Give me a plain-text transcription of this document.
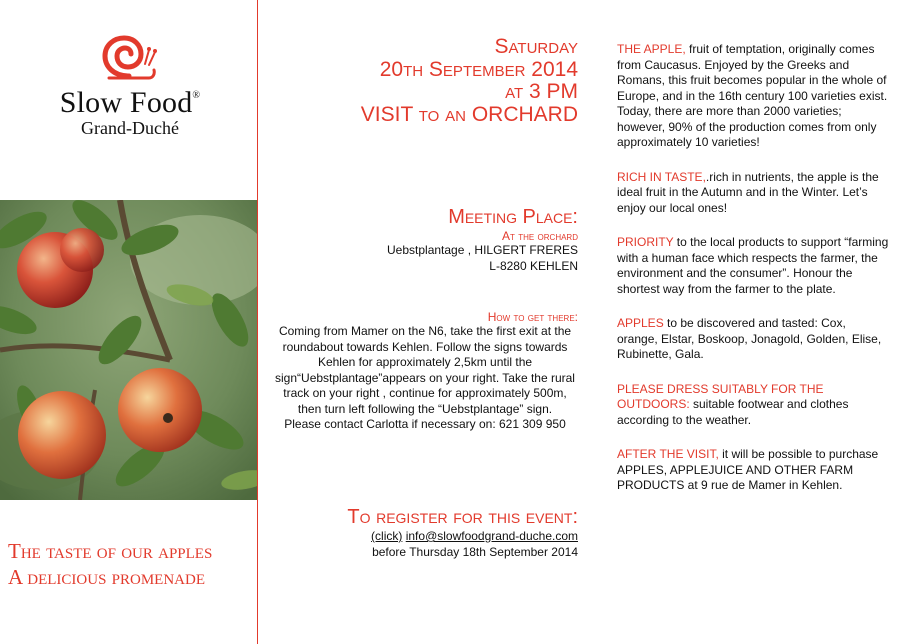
Slow Food®
Grand-Duché
The taste of our apples
A delicious promenade
Saturday
20th September 2014
at 3 PM
VISIT to an ORCHARD
Meeting Place:
At the orchard
Uebstplantage , HILGERT FRERES
L-8280 KEHLEN
How to get there:
Coming from Mamer on the N6, take the first exit at the roundabout towards Kehlen. Follow the signs towards Kehlen for approximately 2,5km until the sign“Uebstplantage”appears on your right. Take the rural track on your right , continue for approximately 500m, then turn left following the “Uebstplantage” sign.
Please contact Carlotta if necessary on: 621 309 950
To register for this event:
(click) info@slowfoodgrand-duche.com
before Thursday 18th September 2014

THE APPLE, fruit of temptation, originally comes from Caucasus. Enjoyed by the Greeks and Romans, this fruit becomes popular in the whole of Europe, and in the 16th century 100 varieties exist. Today, there are more than 2000 varieties; however, 90% of the production comes from only approximately 10 varieties!

RICH IN TASTE,.rich in nutrients, the apple is the ideal fruit in the Autumn and in the Winter. Let’s enjoy our local ones!

PRIORITY to the local products to support “farming with a human face which respects the farmer, the environment and the consumer”. Honour the shortest way from the farmer to the plate.

APPLES to be discovered and tasted: Cox, orange, Elstar, Boskoop, Jonagold, Golden, Elise, Rubinette, Gala.

PLEASE DRESS SUITABLY FOR THE OUTDOORS: suitable footwear and clothes according to the weather.

AFTER THE VISIT, it will be possible to purchase APPLES, APPLEJUICE AND OTHER FARM PRODUCTS at 9 rue de Mamer in Kehlen.
